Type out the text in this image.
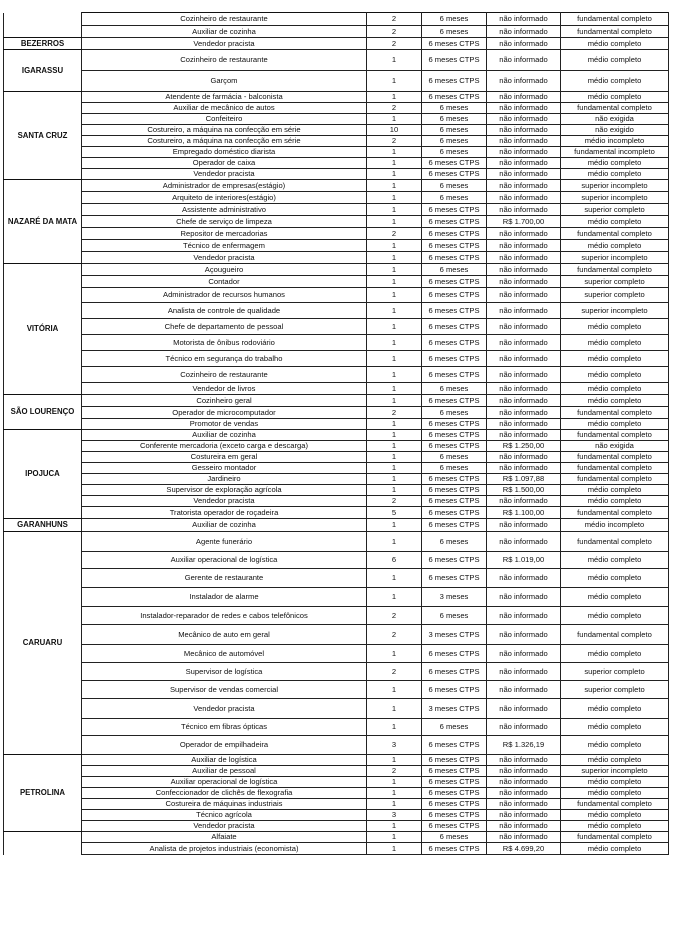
	Cozinheiro de restaurante	2	6 meses	não informado	fundamental completo
	Auxiliar de cozinha	2	6 meses	não informado	fundamental completo
BEZERROS	Vendedor pracista	2	6 meses CTPS	não informado	médio completo
IGARASSU	Cozinheiro de restaurante	1	6 meses CTPS	não informado	médio completo
	Garçom	1	6 meses CTPS	não informado	médio completo
SANTA CRUZ	Atendente de farmácia - balconista	1	6 meses CTPS	não informado	médio completo
	Auxiliar de mecânico de autos	2	6 meses	não informado	fundamental completo
	Confeiteiro	1	6 meses	não informado	não exigida
	Costureiro, a máquina na confecção em série	10	6 meses	não informado	não exigido
	Costureiro, a máquina na confecção em série	2	6 meses	não informado	médio incompleto
	Empregado doméstico diarista	1	6 meses	não informado	fundamental incompleto
	Operador de caixa	1	6 meses CTPS	não informado	médio completo
	Vendedor pracista	1	6 meses CTPS	não informado	médio completo
NAZARÉ DA MATA	Administrador de empresas(estágio)	1	6 meses	não informado	superior incompleto
	Arquiteto de interiores(estágio)	1	6 meses	não informado	superior incompleto
	Assistente administrativo	1	6 meses CTPS	não informado	superior completo
	Chefe de serviço de limpeza	1	6 meses CTPS	R$ 1.700,00	médio completo
	Repositor de mercadorias	2	6 meses CTPS	não informado	fundamental completo
	Técnico de enfermagem	1	6 meses CTPS	não informado	médio completo
	Vendedor pracista	1	6 meses CTPS	não informado	superior incompleto
VITÓRIA	Açougueiro	1	6 meses	não informado	fundamental completo
	Contador	1	6 meses CTPS	não informado	superior completo
	Administrador de recursos humanos	1	6 meses CTPS	não informado	superior completo
	Analista de controle de qualidade	1	6 meses CTPS	não informado	superior incompleto
	Chefe de departamento de pessoal	1	6 meses CTPS	não informado	médio completo
	Motorista de ônibus rodoviário	1	6 meses CTPS	não informado	médio completo
	Técnico em segurança do trabalho	1	6 meses CTPS	não informado	médio completo
	Cozinheiro de restaurante	1	6 meses CTPS	não informado	médio completo
	Vendedor de livros	1	6 meses	não informado	médio completo
SÃO LOURENÇO	Cozinheiro geral	1	6 meses CTPS	não informado	médio completo
	Operador de microcomputador	2	6 meses	não informado	fundamental completo
	Promotor de vendas	1	6 meses CTPS	não informado	médio completo
IPOJUCA	Auxiliar de cozinha	1	6 meses CTPS	não informado	fundamental completo
	Conferente mercadoria (exceto carga e descarga)	1	6 meses CTPS	R$ 1.250,00	não exigida
	Costureira em geral	1	6 meses	não informado	fundamental completo
	Gesseiro montador	1	6 meses	não informado	fundamental completo
	Jardineiro	1	6 meses CTPS	R$ 1.097,88	fundamental completo
	Supervisor de exploração agrícola	1	6 meses CTPS	R$ 1.500,00	médio completo
	Vendedor pracista	2	6 meses CTPS	não informado	médio completo
	Tratorista operador de roçadeira	5	6 meses CTPS	R$ 1.100,00	fundamental completo
GARANHUNS	Auxiliar de cozinha	1	6 meses CTPS	não informado	médio incompleto
CARUARU	Agente funerário	1	6 meses	não informado	fundamental completo
	Auxiliar operacional de logística	6	6 meses CTPS	R$ 1.019,00	médio completo
	Gerente de restaurante	1	6 meses CTPS	não informado	médio completo
	Instalador de alarme	1	3 meses	não informado	médio completo
	Instalador-reparador de redes e cabos telefônicos	2	6 meses	não informado	médio completo
	Mecânico de auto em geral	2	3 meses CTPS	não informado	fundamental completo
	Mecânico de automóvel	1	6 meses CTPS	não informado	médio completo
	Supervisor de logística	2	6 meses CTPS	não informado	superior completo
	Supervisor de vendas comercial	1	6 meses CTPS	não informado	superior completo
	Vendedor pracista	1	3 meses CTPS	não informado	médio completo
	Técnico em fibras ópticas	1	6 meses	não informado	médio completo
	Operador de empilhadeira	3	6 meses CTPS	R$ 1.326,19	médio completo
PETROLINA	Auxiliar de logística	1	6 meses CTPS	não informado	médio completo
	Auxiliar de pessoal	2	6 meses CTPS	não informado	superior incompleto
	Auxiliar operacional de logística	1	6 meses CTPS	não informado	médio completo
	Confeccionador de clichês de flexografia	1	6 meses CTPS	não informado	médio completo
	Costureira de máquinas industriais	1	6 meses CTPS	não informado	fundamental completo
	Técnico agrícola	3	6 meses CTPS	não informado	médio completo
	Vendedor pracista	1	6 meses CTPS	não informado	médio completo
	Alfaiate	1	6 meses	não informado	fundamental completo
	Analista de projetos industriais (economista)	1	6 meses CTPS	R$ 4.699,20	médio completo
